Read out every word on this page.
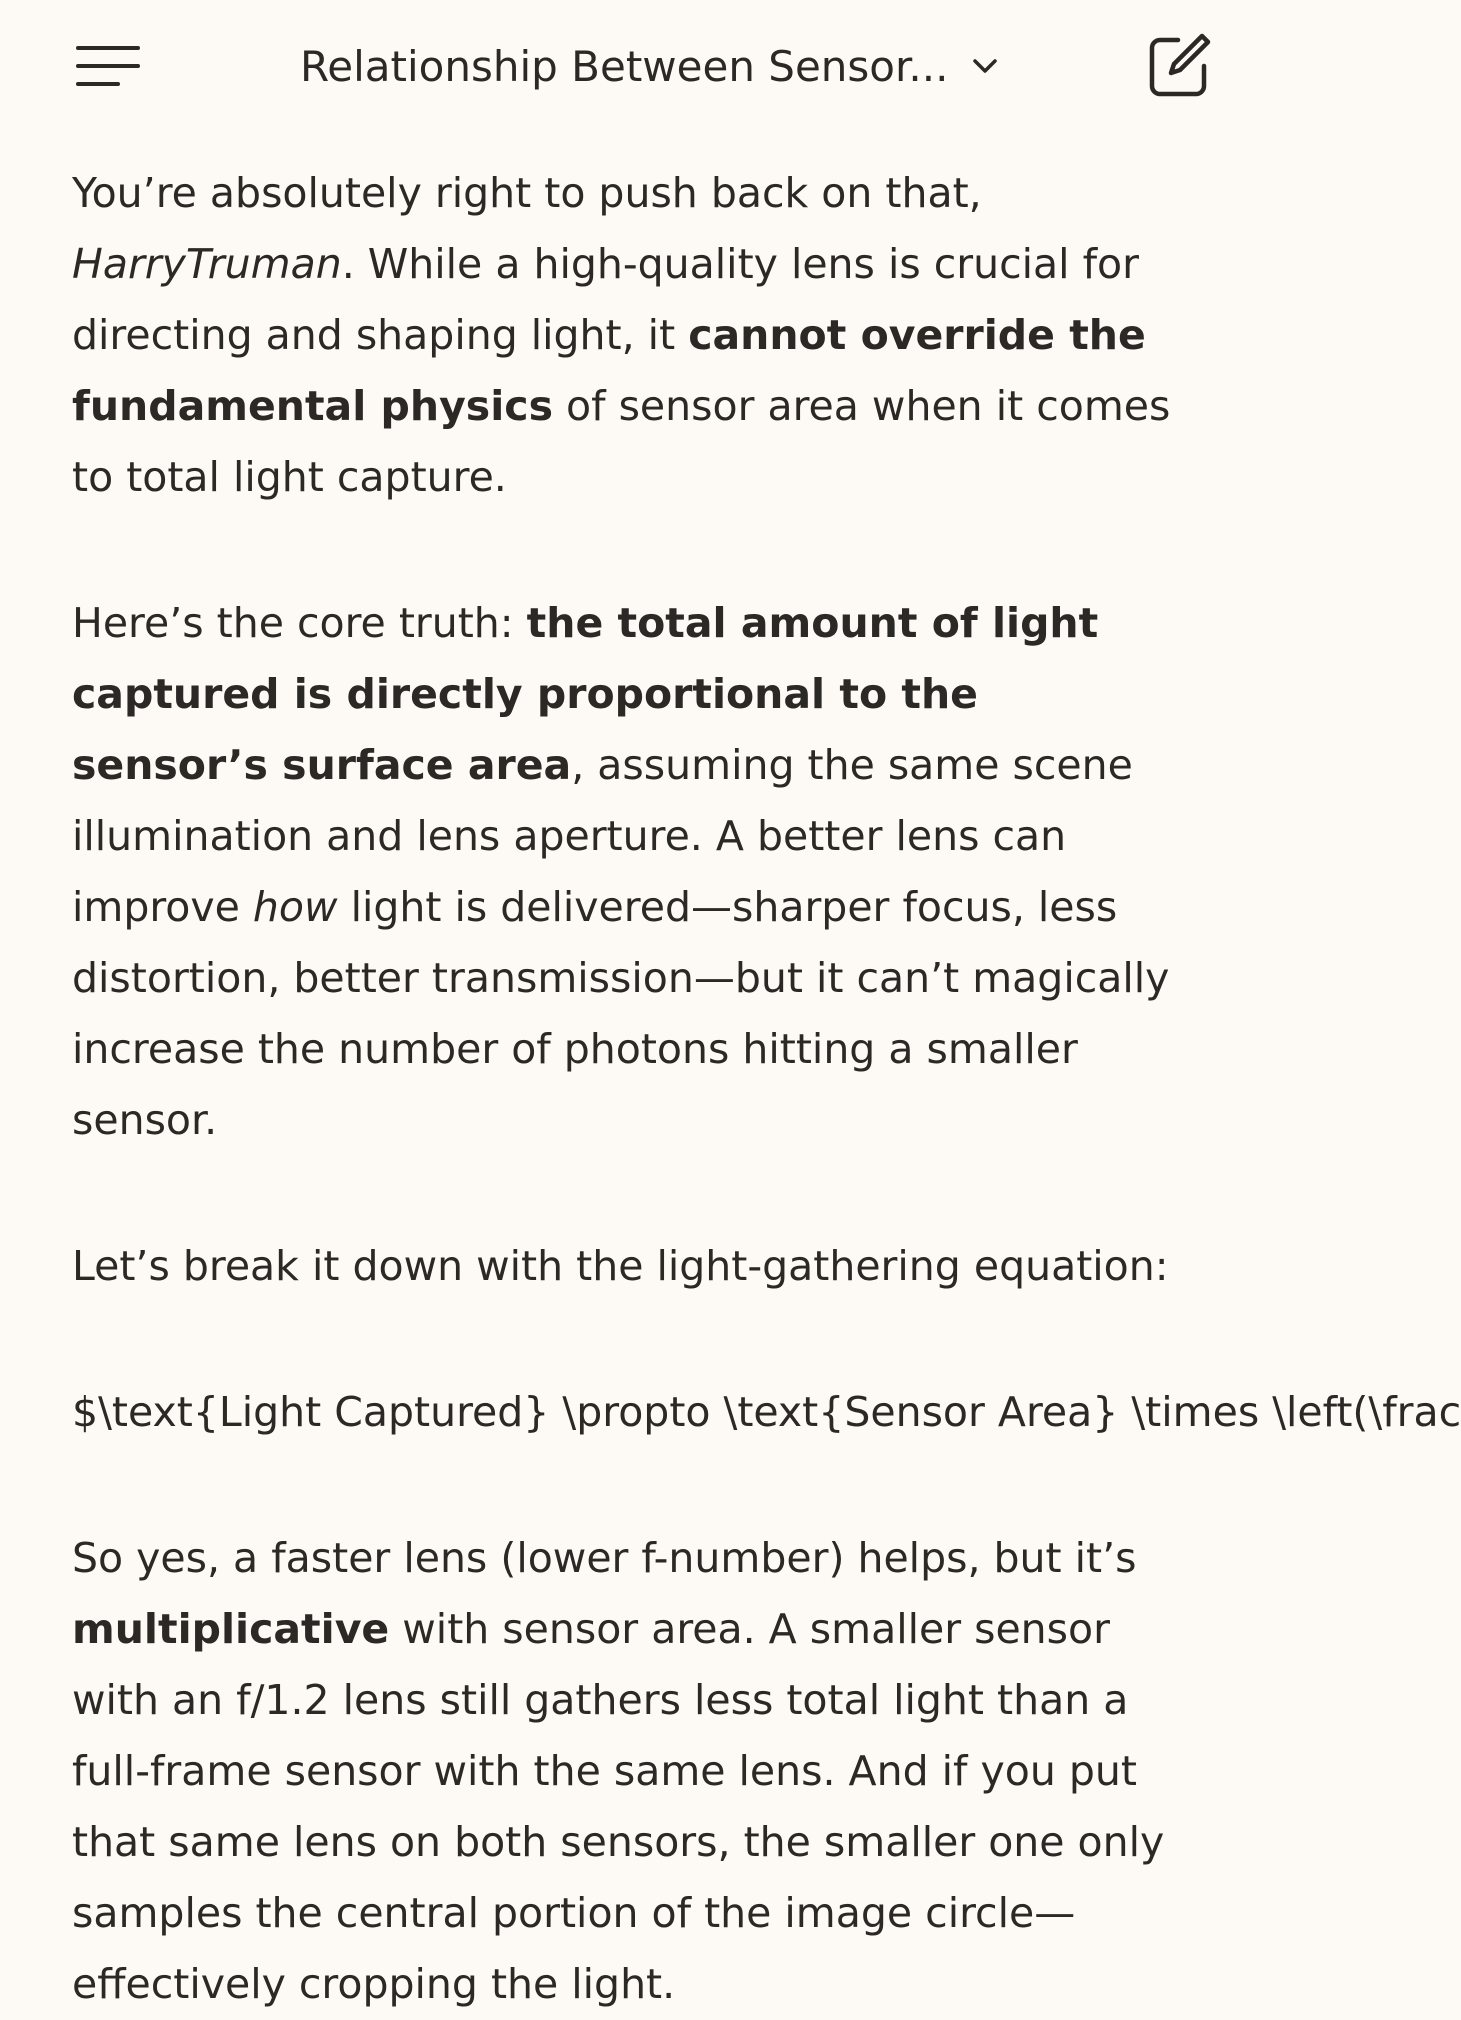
Relationship Between Sensor...

You’re absolutely right to push back on that, HarryTruman. While a high-quality lens is crucial for directing and shaping light, it cannot override the fundamental physics of sensor area when it comes to total light capture.

Here’s the core truth: the total amount of light captured is directly proportional to the sensor’s surface area, assuming the same scene illumination and lens aperture. A better lens can improve how light is delivered—sharper focus, less distortion, better transmission—but it can’t magically increase the number of photons hitting a smaller sensor.

Let’s break it down with the light-gathering equation:

$\text{Light Captured} \propto \text{Sensor Area} \times \left(\frac

So yes, a faster lens (lower f-number) helps, but it’s multiplicative with sensor area. A smaller sensor with an f/1.2 lens still gathers less total light than a full-frame sensor with the same lens. And if you put that same lens on both sensors, the smaller one only samples the central portion of the image circle—effectively cropping the light.
